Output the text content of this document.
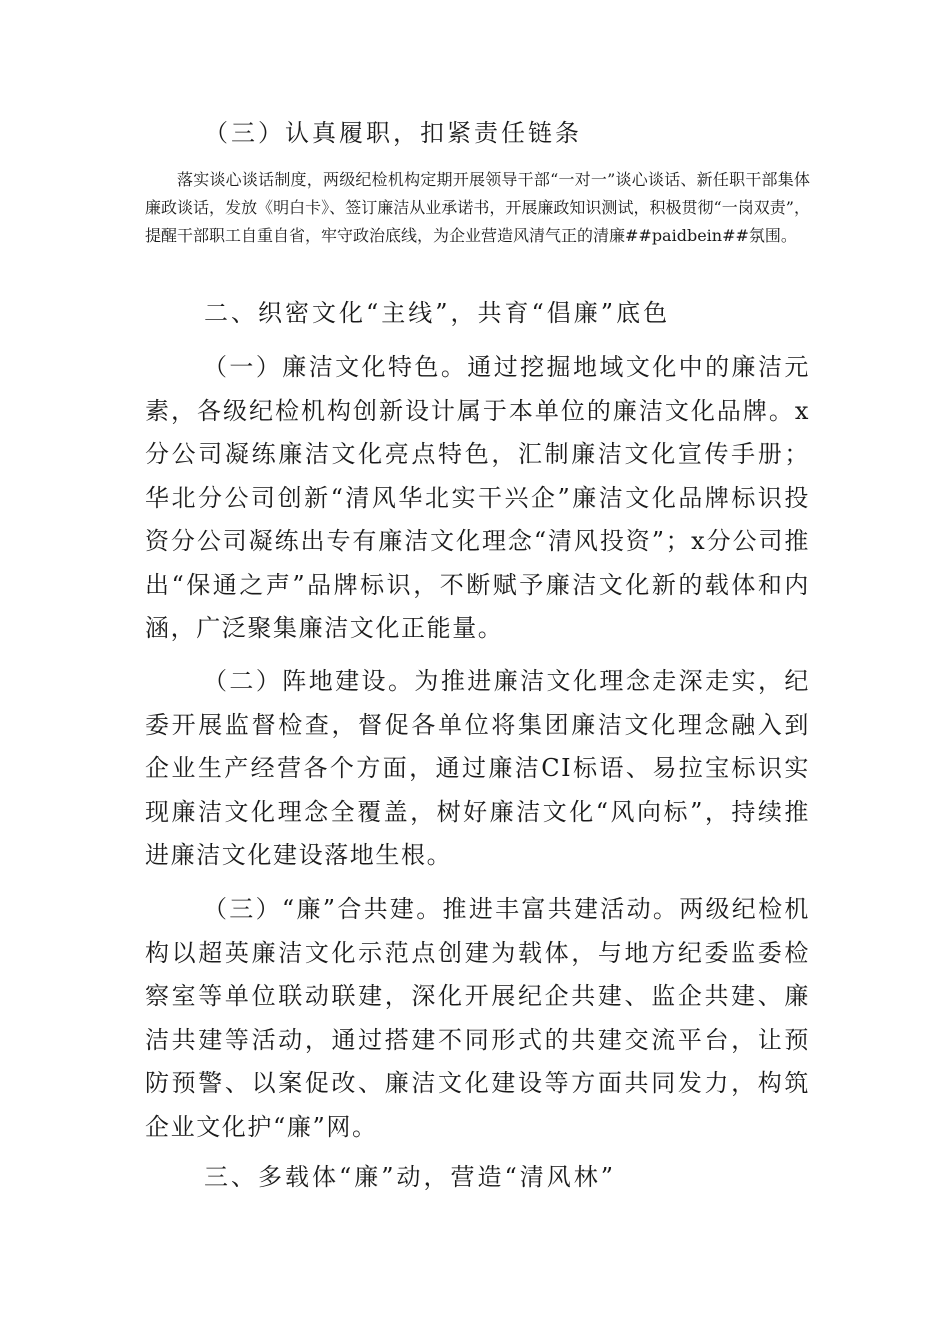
（三）认真履职，扣紧责任链条
落实谈心谈话制度，两级纪检机构定期开展领导干部“一对一”谈心谈话、新任职干部集体廉政谈话，发放《明白卡》、签订廉洁从业承诺书，开展廉政知识测试，积极贯彻“一岗双责”，提醒干部职工自重自省，牢守政治底线，为企业营造风清气正的清廉##paidbein##氛围。
二、织密文化“主线”，共育“倡廉”底色
（一）廉洁文化特色。通过挖掘地域文化中的廉洁元素，各级纪检机构创新设计属于本单位的廉洁文化品牌。x分公司凝练廉洁文化亮点特色，汇制廉洁文化宣传手册；华北分公司创新“清风华北实干兴企”廉洁文化品牌标识投资分公司凝练出专有廉洁文化理念“清风投资”；x分公司推出“保通之声”品牌标识，不断赋予廉洁文化新的载体和内涵，广泛聚集廉洁文化正能量。
（二）阵地建设。为推进廉洁文化理念走深走实，纪委开展监督检查，督促各单位将集团廉洁文化理念融入到企业生产经营各个方面，通过廉洁CI标语、易拉宝标识实现廉洁文化理念全覆盖，树好廉洁文化“风向标”，持续推进廉洁文化建设落地生根。
（三）“廉”合共建。推进丰富共建活动。两级纪检机构以超英廉洁文化示范点创建为载体，与地方纪委监委检察室等单位联动联建，深化开展纪企共建、监企共建、廉洁共建等活动，通过搭建不同形式的共建交流平台，让预防预警、以案促改、廉洁文化建设等方面共同发力，构筑企业文化护“廉”网。
三、多载体“廉”动，营造“清风林”
